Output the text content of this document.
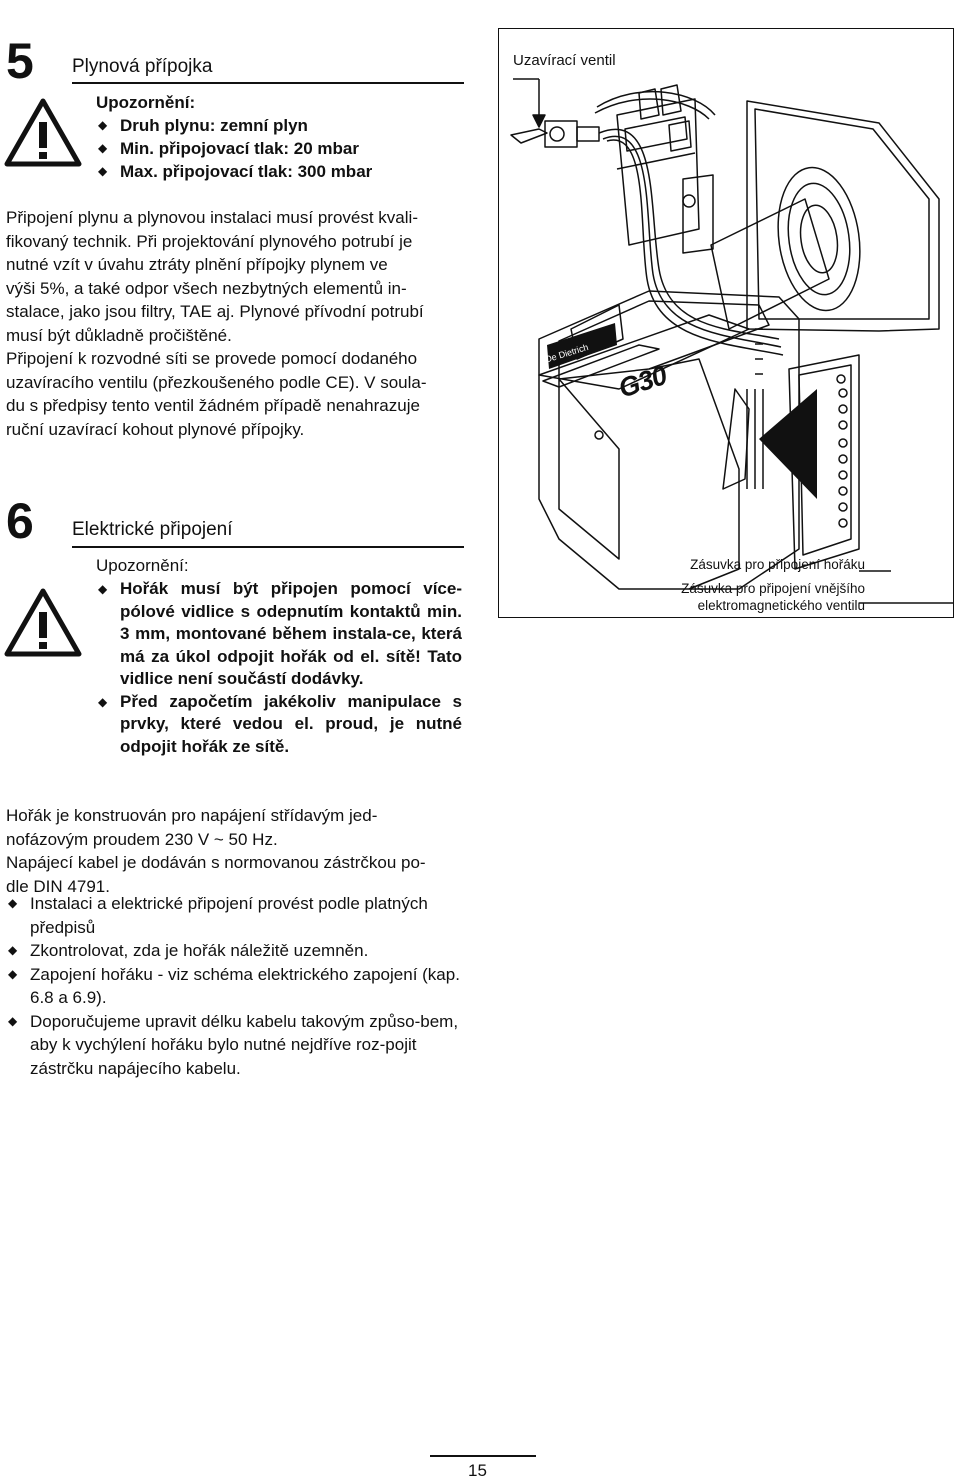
5 Plynová přípojka
Upozornění:
◆ Druh plynu: zemní plyn
◆ Min. připojovací tlak: 20 mbar
◆ Max. připojovací tlak: 300 mbar
Připojení plynu a plynovou instalaci musí provést kvali-
fikovaný technik. Při projektování plynového potrubí je
nutné vzít v úvahu ztráty plnění přípojky plynem ve
výši 5%, a také odpor všech nezbytných elementů in-
stalace, jako jsou filtry, TAE aj. Plynové přívodní potrubí
musí být důkladně pročištěné.
Připojení k rozvodné síti se provede pomocí dodaného
uzavíracího ventilu (přezkoušeného podle CE). V soula-
du s předpisy tento ventil žádném případě nenahrazuje
ruční uzavírací kohout plynové přípojky.
Uzavírací ventil
De Dietrich
G30
Zásuvka pro připojení hořáku
Zásuvka pro připojení vnějšího
elektromagnetického ventilu
6 Elektrické připojení
Upozornění:
◆ Hořák musí být připojen pomocí více-pólové vidlice s odepnutím kontaktů min. 3 mm, montované během instala-ce, která má za úkol odpojit hořák od el. sítě! Tato vidlice není součástí dodávky.
◆ Před započetím jakékoliv manipulace s prvky, které vedou el. proud, je nutné odpojit hořák ze sítě.
Hořák je konstruován pro napájení střídavým jed-
nofázovým proudem 230 V ~ 50 Hz.
Napájecí kabel je dodáván s normovanou zástrčkou po-
dle DIN 4791.
◆ Instalaci a elektrické připojení provést podle platných předpisů
◆ Zkontrolovat, zda je hořák náležitě uzemněn.
◆ Zapojení hořáku - viz schéma elektrického zapojení (kap. 6.8 a 6.9).
◆ Doporučujeme upravit délku kabelu takovým způso-bem, aby k vychýlení hořáku bylo nutné nejdříve roz-pojit zástrčku napájecího kabelu.
15
